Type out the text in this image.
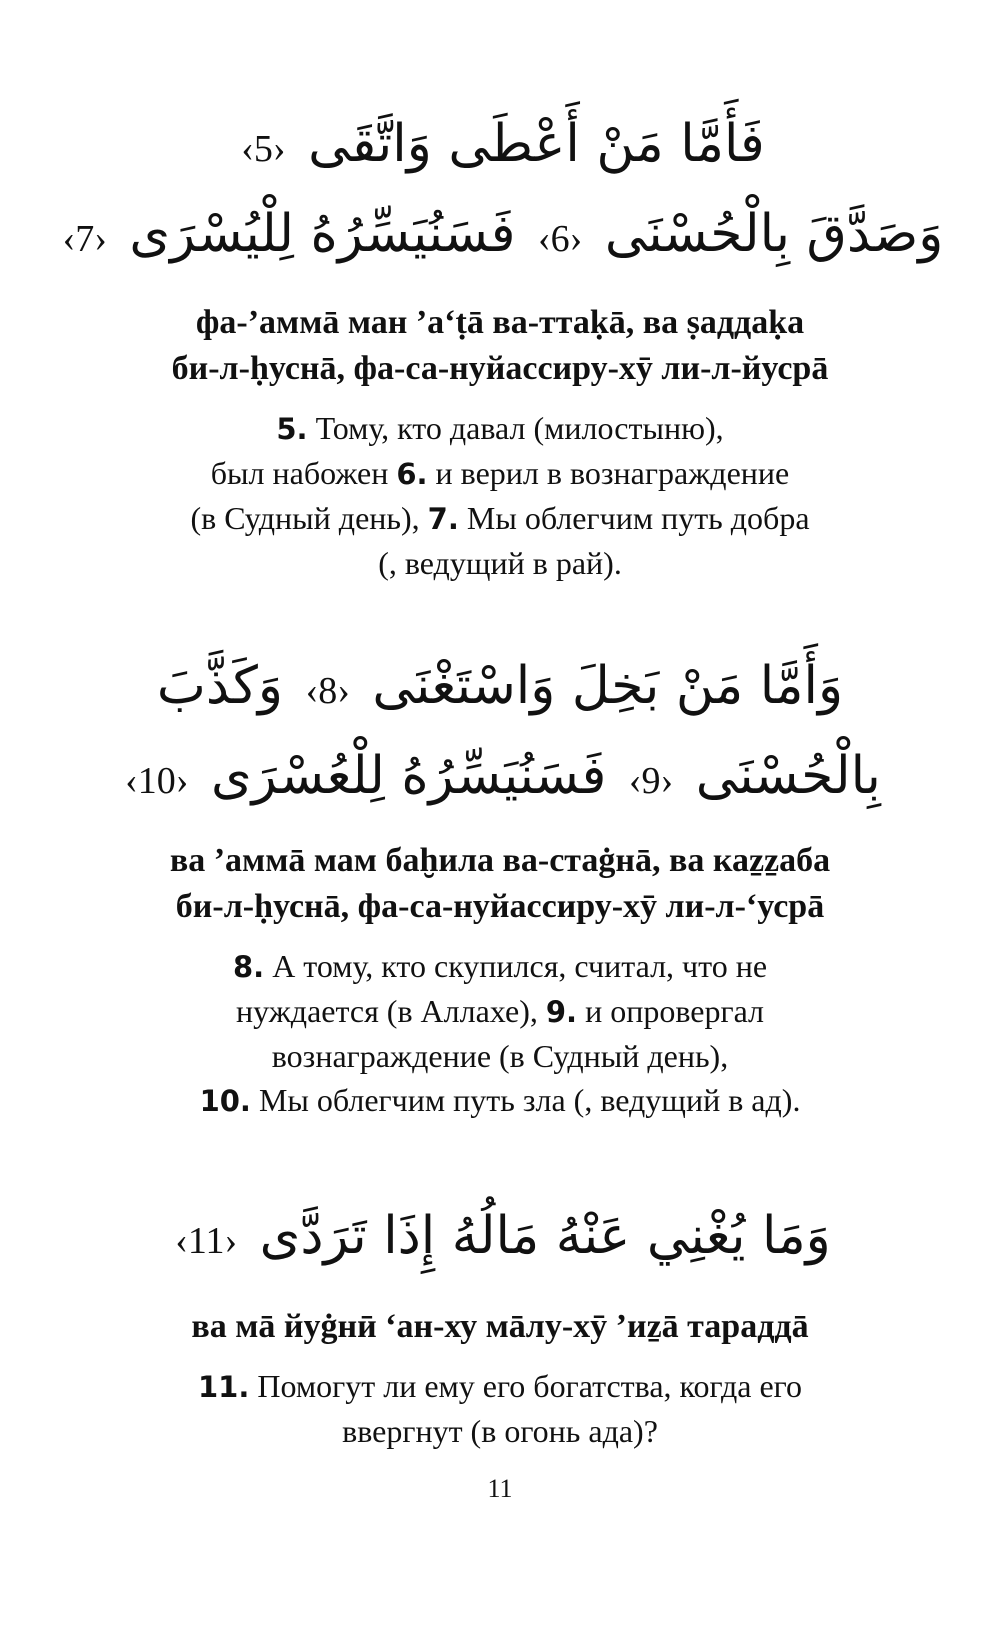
فَأَمَّا مَنْ أَعْطَى وَاتَّقَى ‹5›
وَصَدَّقَ بِالْحُسْنَى ‹6› فَسَنُيَسِّرُهُ لِلْيُسْرَى ‹7›
фа-’аммā ман ’а‘ṭā ва-ттаḳā, ва ṣаддаḳа
би-л-ḥуснā, фа-са-нуйассиру-хӯ ли-л-йусрā
5. Тому, кто давал (милостыню),
был набожен 6. и верил в вознаграждение
(в Судный день), 7. Мы облегчим путь добра
(, ведущий в рай).
وَأَمَّا مَنْ بَخِلَ وَاسْتَغْنَى ‹8› وَكَذَّبَ
بِالْحُسْنَى ‹9› فَسَنُيَسِّرُهُ لِلْعُسْرَى ‹10›
ва ’аммā мам баḫила ва-стаġнā, ва каẕẕаба
би-л-ḥуснā, фа-са-нуйассиру-хӯ ли-л-‘усрā
8. А тому, кто скупился, считал, что не
нуждается (в Аллахе), 9. и опровергал
вознаграждение (в Судный день),
10. Мы облегчим путь зла (, ведущий в ад).
وَمَا يُغْنِي عَنْهُ مَالُهُ إِذَا تَرَدَّى ‹11›
ва мā йуġнӣ ‘ан-ху мāлу-хӯ ’иẕā тараддā
11. Помогут ли ему его богатства, когда его
ввергнут (в огонь ада)?
11
